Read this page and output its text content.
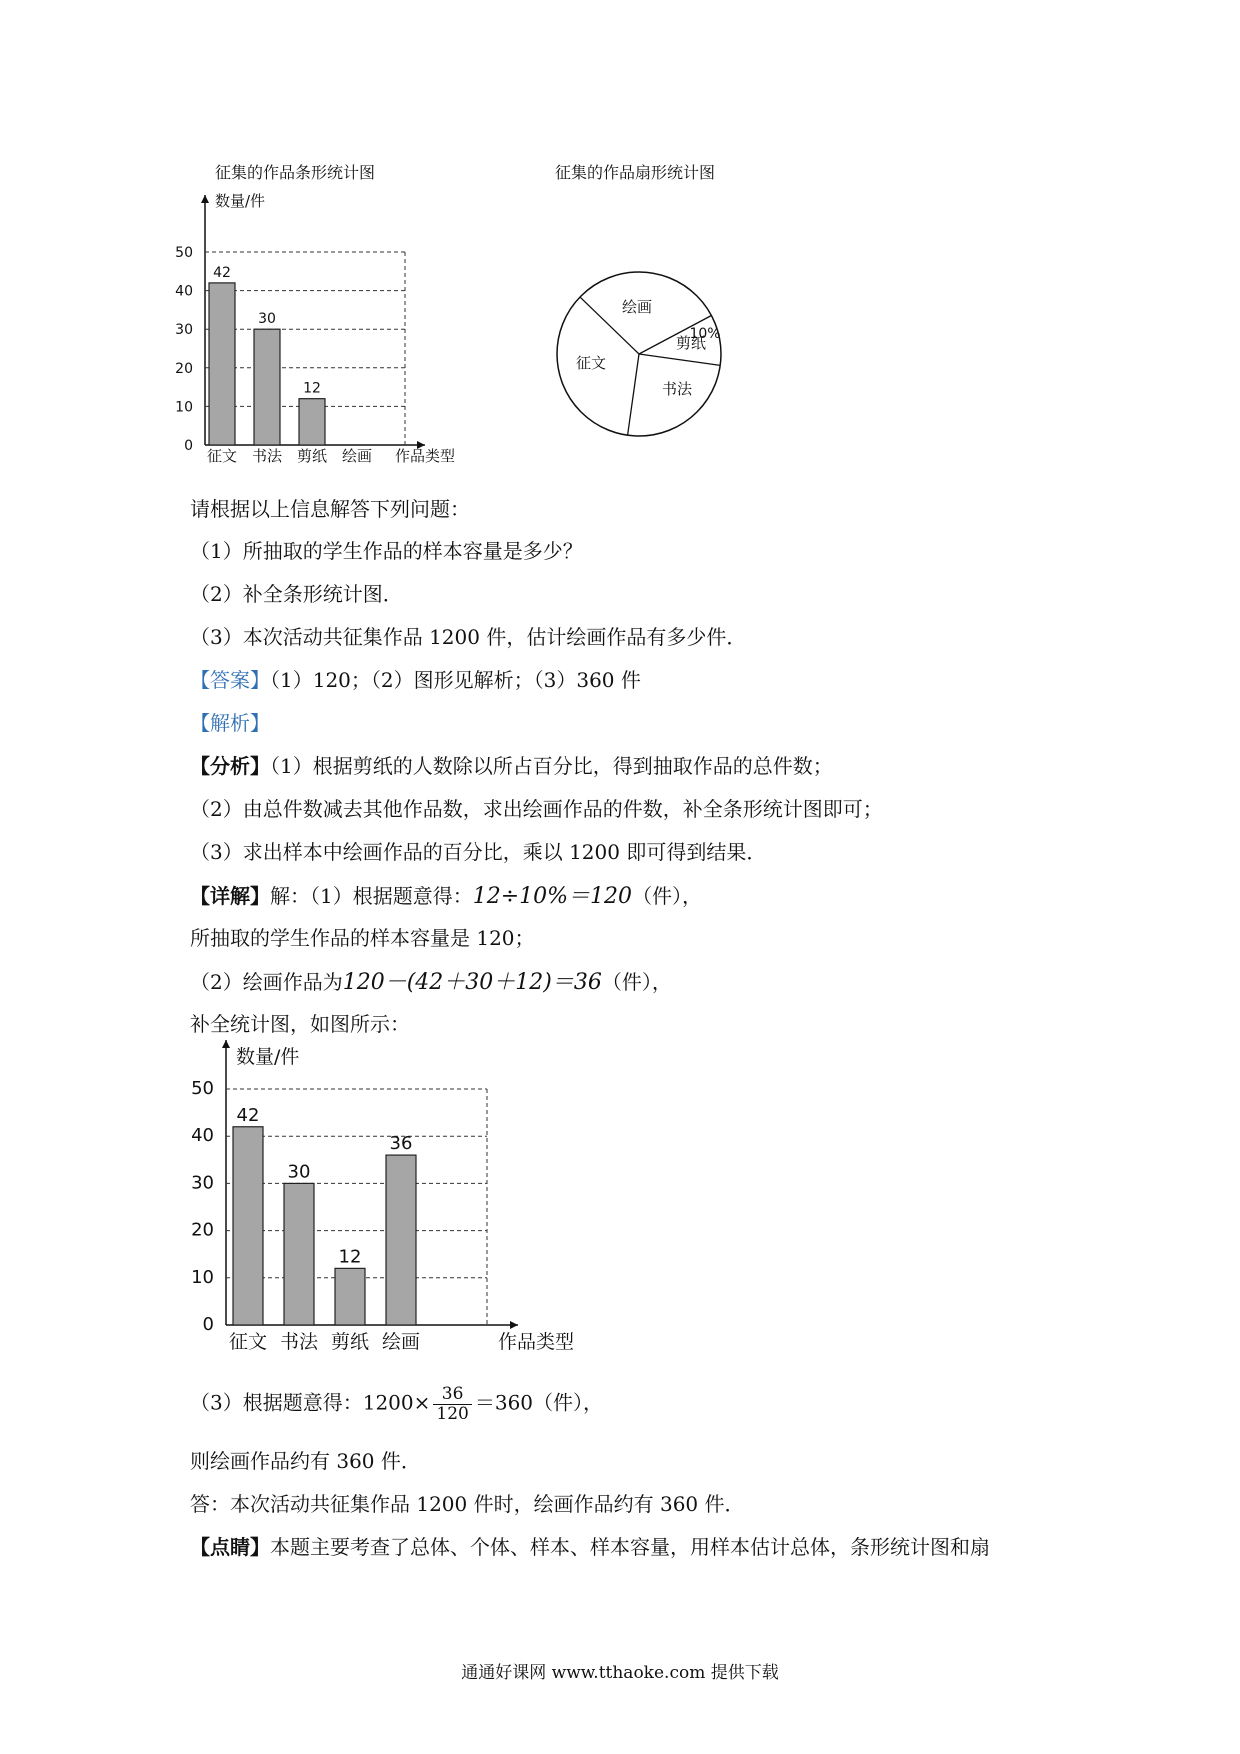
征集的作品条形统计图	征集的作品扇形统计图
0
10
20
30
40
50
42
征文
30
书法
12
剪纸 绘画
数量/件
作品类型
绘画
剪纸
书法
征文
10%
请根据以上信息解答下列问题：
（1）所抽取的学生作品的样本容量是多少？
（2）补全条形统计图．
（3）本次活动共征集作品 1200 件，估计绘画作品有多少件．
【答案】（1）120；（2）图形见解析；（3）360 件
【解析】
【分析】（1）根据剪纸的人数除以所占百分比，得到抽取作品的总件数；
（2）由总件数减去其他作品数，求出绘画作品的件数，补全条形统计图即可；
（3）求出样本中绘画作品的百分比，乘以 1200 即可得到结果．
【详解】解：（1）根据题意得：12÷10%＝120（件），
所抽取的学生作品的样本容量是 120；
（2）绘画作品为120－(42＋30＋12)＝36（件），
补全统计图，如图所示：
0
10
20
30
40
50
42
征文
30
书法
12
剪纸
36
绘画
数量/件
作品类型
（3）根据题意得：$1200\times \frac{36}{120} =360$（件），
则绘画作品约有 360 件．
答：本次活动共征集作品 1200 件时，绘画作品约有 360 件．
【点睛】本题主要考查了总体、个体、样本、样本容量，用样本估计总体，条形统计图和扇
通通好课网 www.tthaoke.com 提供下载
